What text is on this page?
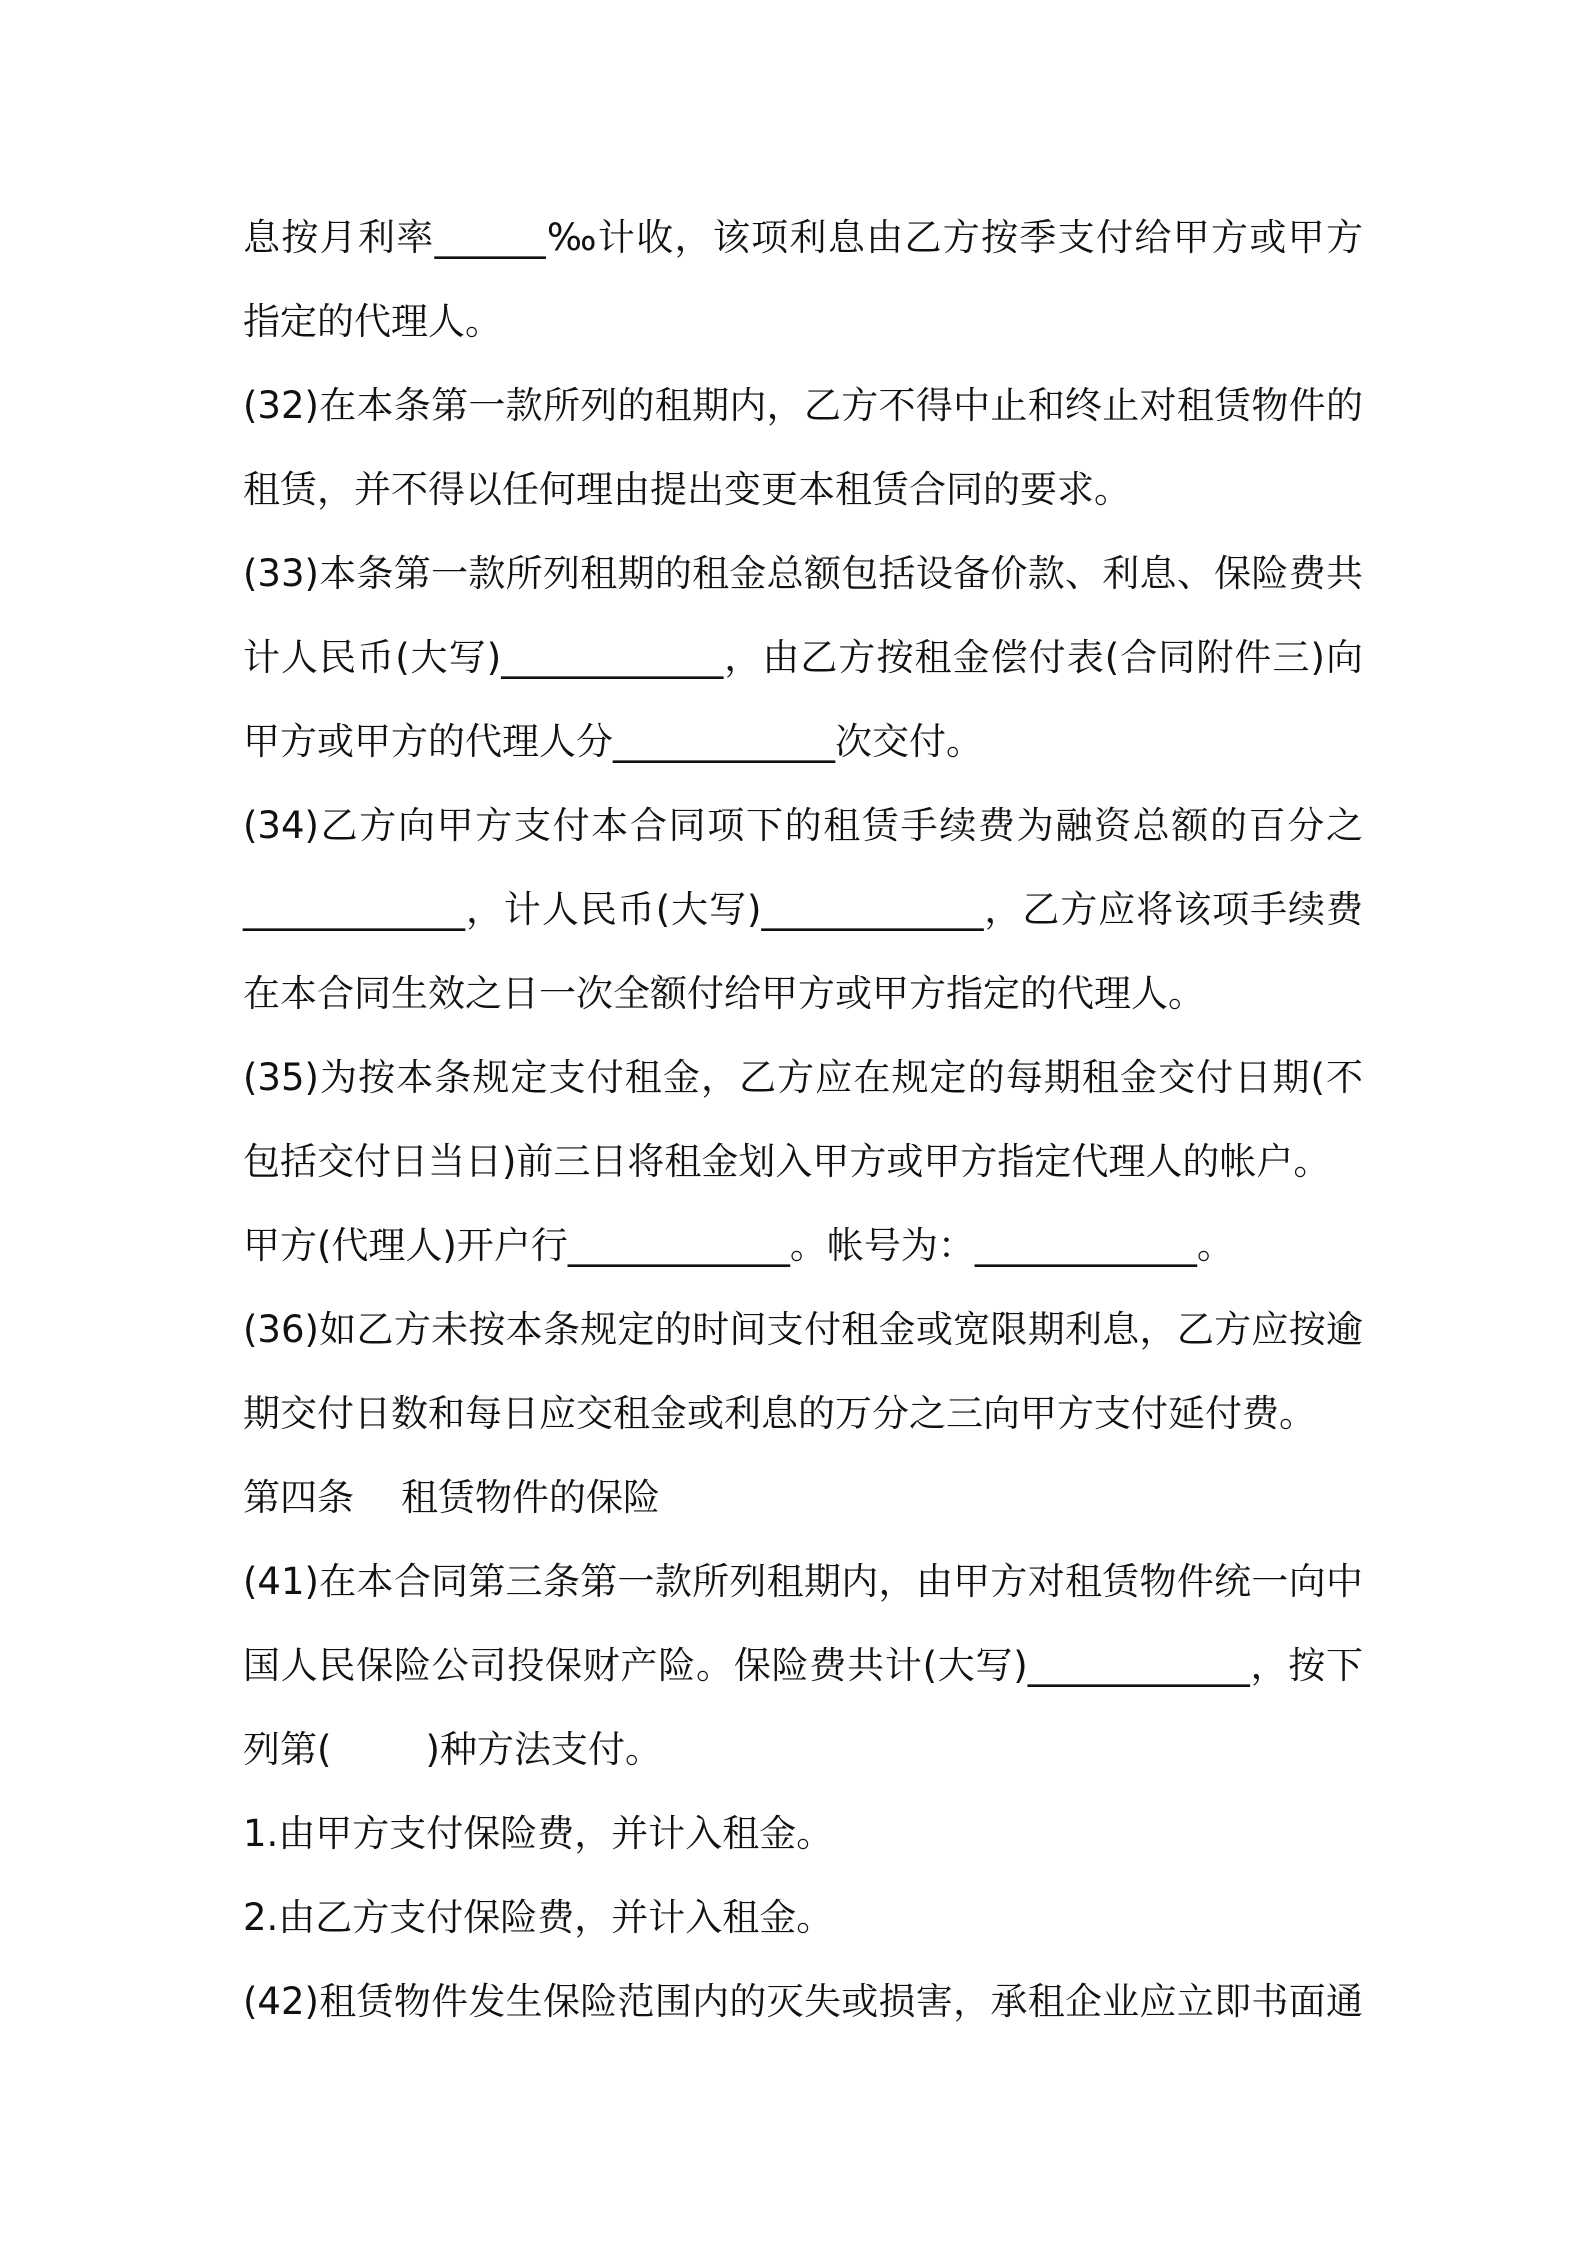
息按月利率______‰计收，该项利息由乙方按季支付给甲方或甲方
指定的代理人。
(32)在本条第一款所列的租期内，乙方不得中止和终止对租赁物件的
租赁，并不得以任何理由提出变更本租赁合同的要求。
(33)本条第一款所列租期的租金总额包括设备价款、利息、保险费共
计人民币(大写)____________，由乙方按租金偿付表(合同附件三)向
甲方或甲方的代理人分____________次交付。
(34)乙方向甲方支付本合同项下的租赁手续费为融资总额的百分之
____________，计人民币(大写)____________，乙方应将该项手续费
在本合同生效之日一次全额付给甲方或甲方指定的代理人。
(35)为按本条规定支付租金，乙方应在规定的每期租金交付日期(不
包括交付日当日)前三日将租金划入甲方或甲方指定代理人的帐户。
甲方(代理人)开户行____________。帐号为：____________。
(36)如乙方未按本条规定的时间支付租金或宽限期利息，乙方应按逾
期交付日数和每日应交租金或利息的万分之三向甲方支付延付费。
第四条    租赁物件的保险
(41)在本合同第三条第一款所列租期内，由甲方对租赁物件统一向中
国人民保险公司投保财产险。保险费共计(大写)____________，按下
列第(        )种方法支付。
1.由甲方支付保险费，并计入租金。
2.由乙方支付保险费，并计入租金。
(42)租赁物件发生保险范围内的灭失或损害，承租企业应立即书面通
